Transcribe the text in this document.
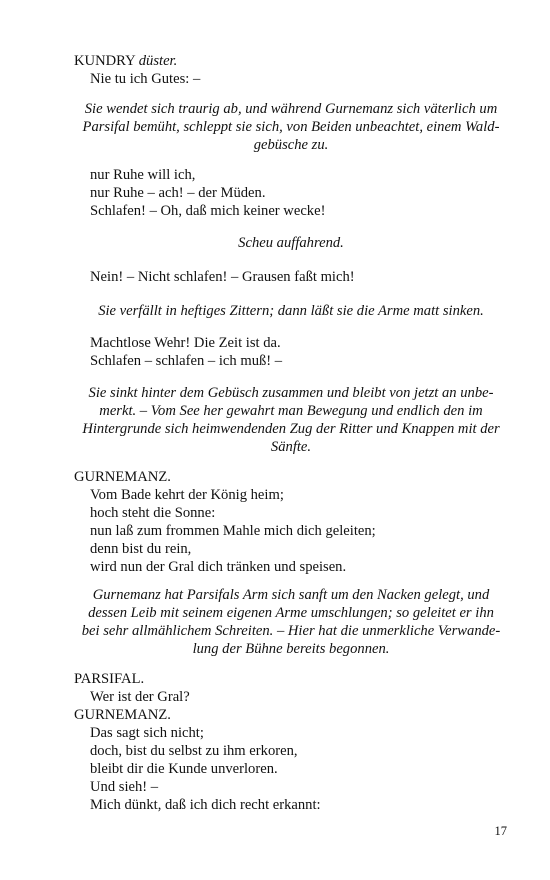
KUNDRY düster.
Nie tu ich Gutes: –

Sie wendet sich traurig ab, und während Gurnemanz sich väterlich um

Parsifal bemüht, schleppt sie sich, von Beiden unbeachtet, einem Wald-

gebüsche zu.

nur Ruhe will ich,
nur Ruhe – ach! – der Müden.
Schlafen! – Oh, daß mich keiner wecke!
Scheu auffahrend.
Nein! – Nicht schlafen! – Grausen faßt mich!
Sie verfällt in heftiges Zittern; dann läßt sie die Arme matt sinken.
Machtlose Wehr! Die Zeit ist da.
Schlafen – schlafen – ich muß! –

Sie sinkt hinter dem Gebüsch zusammen und bleibt von jetzt an unbe-

merkt. – Vom See her gewahrt man Bewegung und endlich den im

Hintergrunde sich heimwendenden Zug der Ritter und Knappen mit der

Sänfte.

GURNEMANZ.
Vom Bade kehrt der König heim;
hoch steht die Sonne:
nun laß zum frommen Mahle mich dich geleiten;
denn bist du rein,
wird nun der Gral dich tränken und speisen.

Gurnemanz hat Parsifals Arm sich sanft um den Nacken gelegt, und

dessen Leib mit seinem eigenen Arme umschlungen; so geleitet er ihn

bei sehr allmählichem Schreiten. – Hier hat die unmerkliche Verwande-

lung der Bühne bereits begonnen.

PARSIFAL.
Wer ist der Gral?
GURNEMANZ.
Das sagt sich nicht;
doch, bist du selbst zu ihm erkoren,
bleibt dir die Kunde unverloren.
Und sieh! –
Mich dünkt, daß ich dich recht erkannt:
17
